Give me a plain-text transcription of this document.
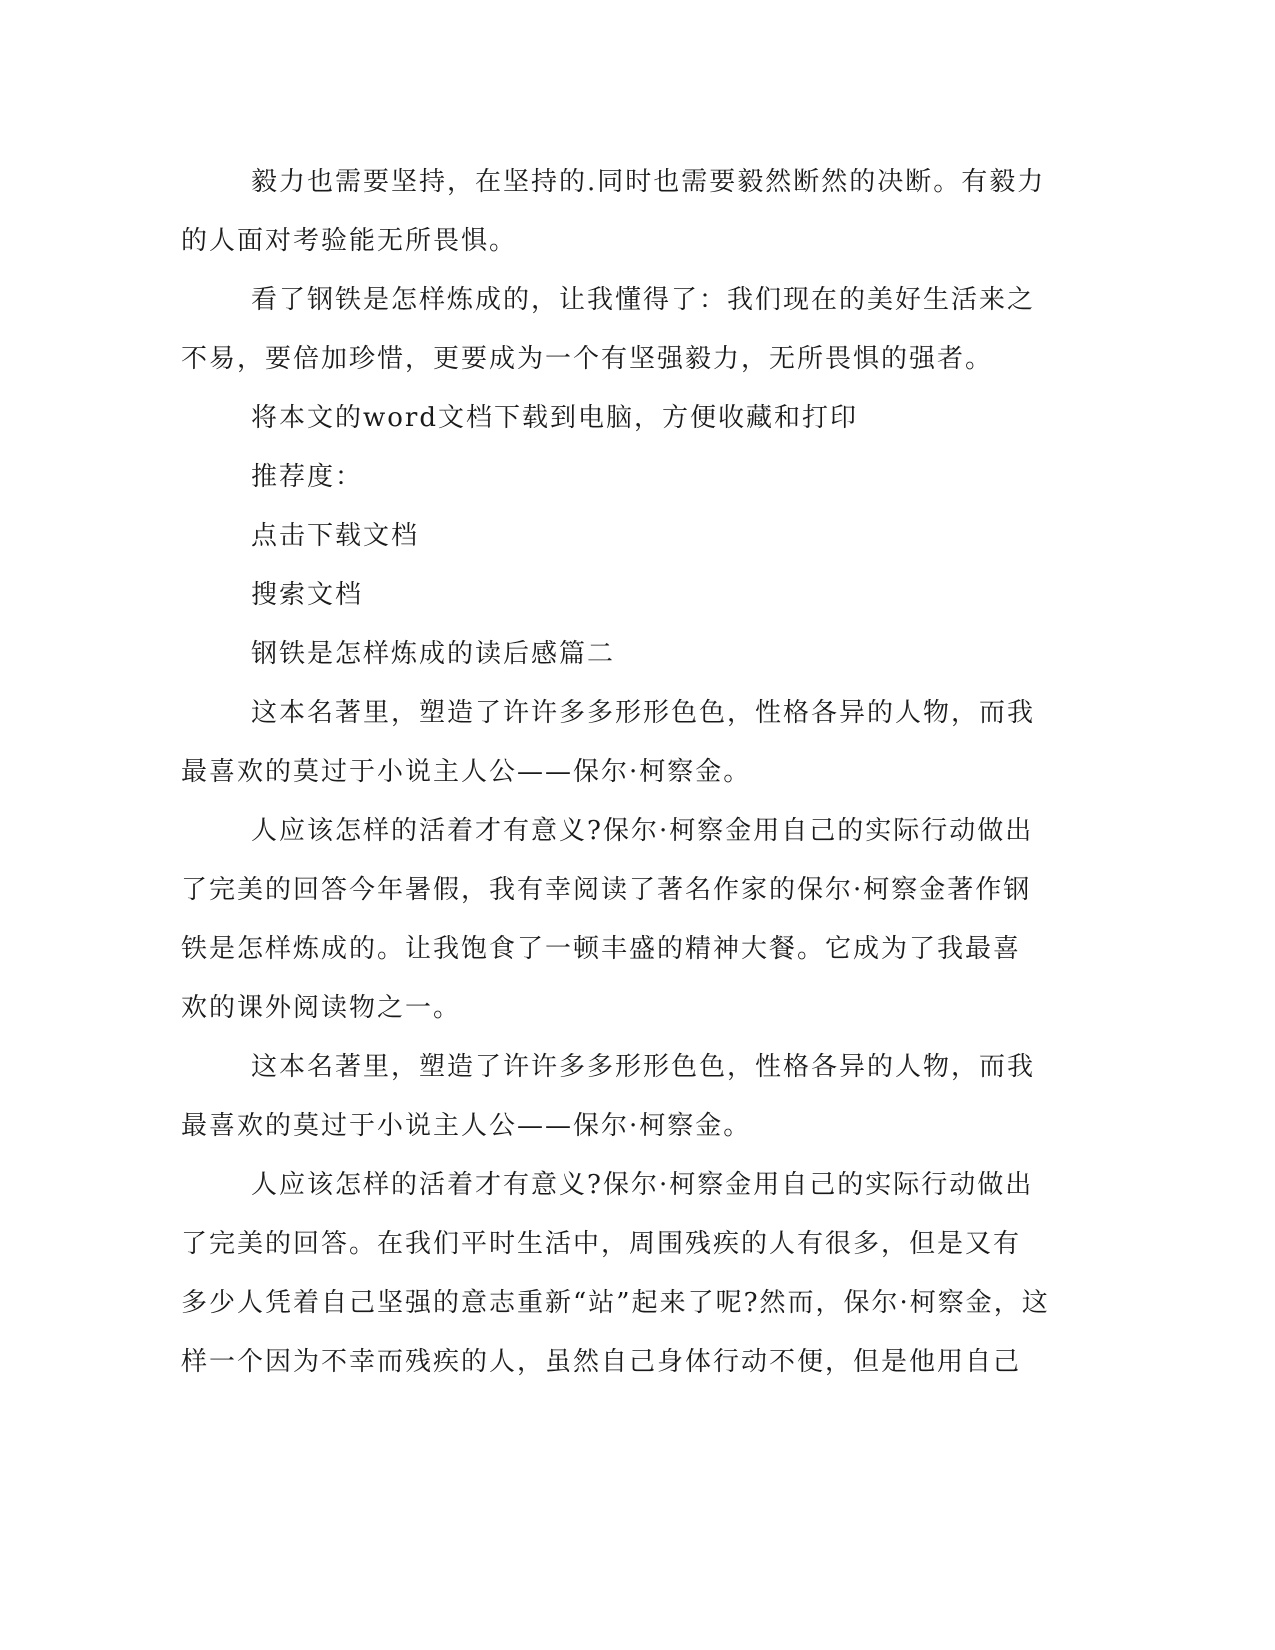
毅力也需要坚持，在坚持的.同时也需要毅然断然的决断。有毅力
的人面对考验能无所畏惧。
看了钢铁是怎样炼成的，让我懂得了：我们现在的美好生活来之
不易，要倍加珍惜，更要成为一个有坚强毅力，无所畏惧的强者。
将本文的word文档下载到电脑，方便收藏和打印
推荐度：
点击下载文档
搜索文档
钢铁是怎样炼成的读后感篇二
这本名著里，塑造了许许多多形形色色，性格各异的人物，而我
最喜欢的莫过于小说主人公——保尔·柯察金。
人应该怎样的活着才有意义?保尔·柯察金用自己的实际行动做出
了完美的回答今年暑假，我有幸阅读了著名作家的保尔·柯察金著作钢
铁是怎样炼成的。让我饱食了一顿丰盛的精神大餐。它成为了我最喜
欢的课外阅读物之一。
这本名著里，塑造了许许多多形形色色，性格各异的人物，而我
最喜欢的莫过于小说主人公——保尔·柯察金。
人应该怎样的活着才有意义?保尔·柯察金用自己的实际行动做出
了完美的回答。在我们平时生活中，周围残疾的人有很多，但是又有
多少人凭着自己坚强的意志重新“站”起来了呢?然而，保尔·柯察金，这
样一个因为不幸而残疾的人，虽然自己身体行动不便，但是他用自己
